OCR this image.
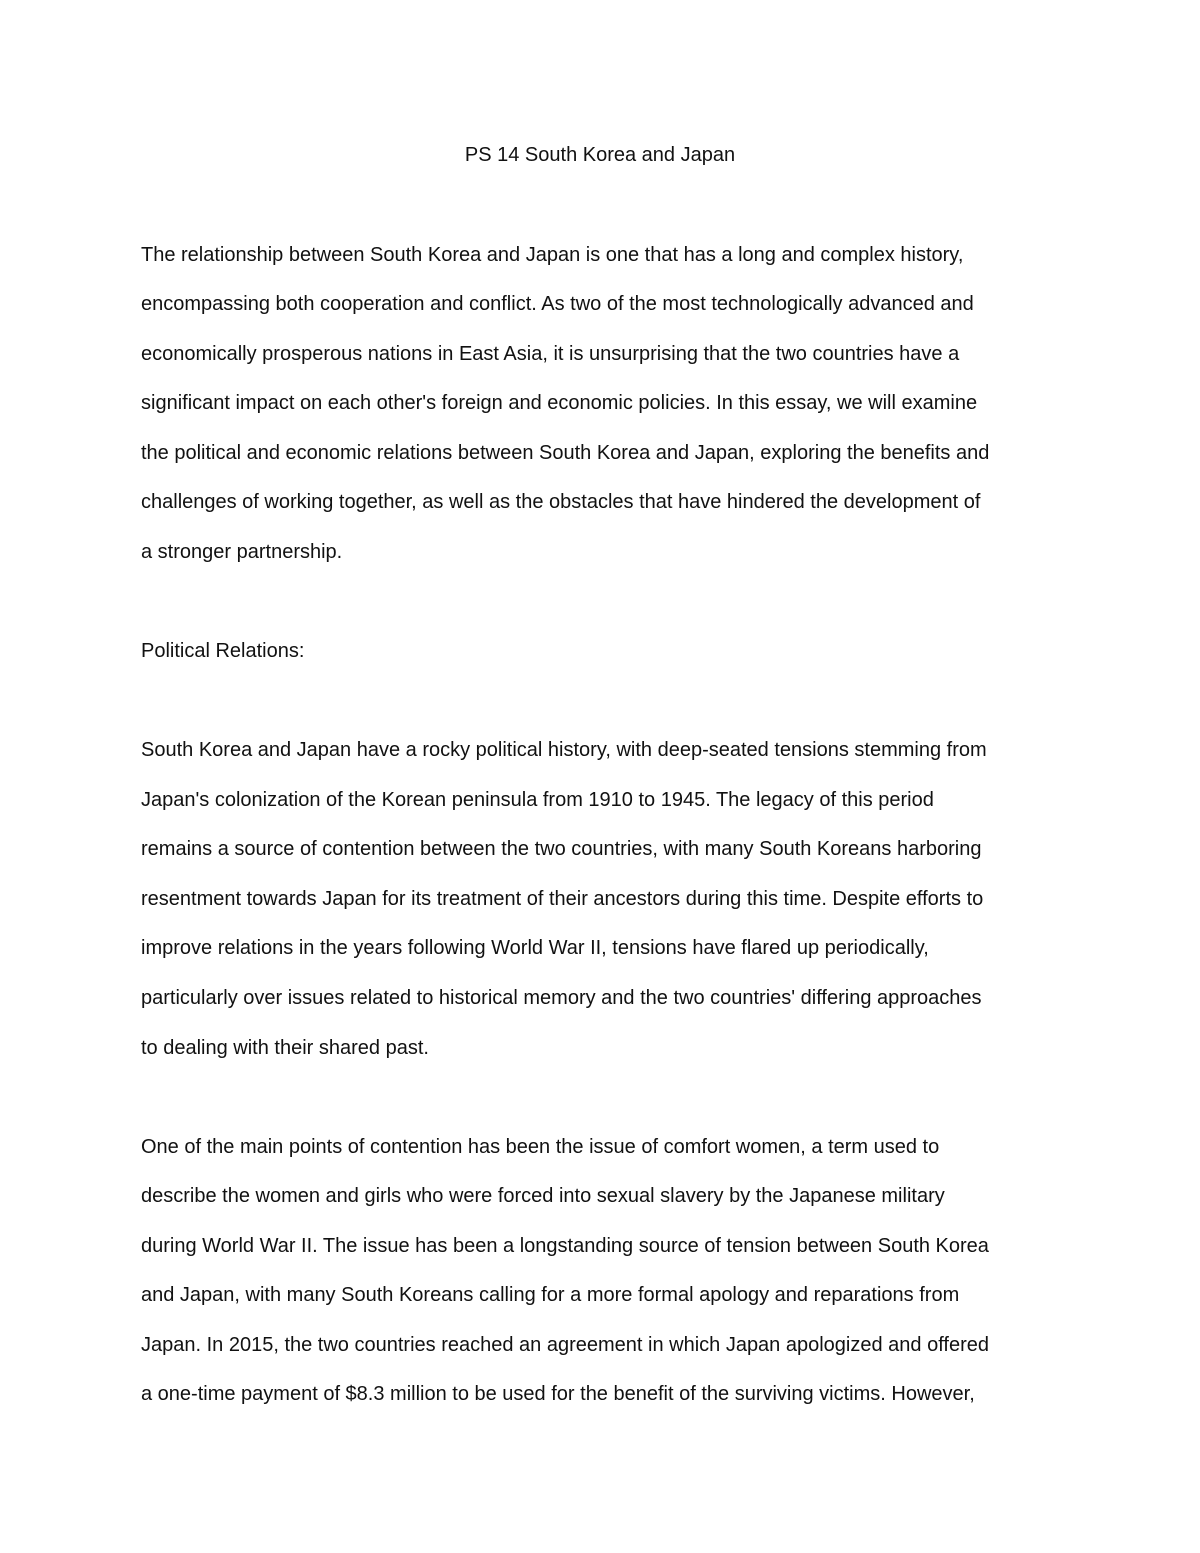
PS 14 South Korea and Japan
The relationship between South Korea and Japan is one that has a long and complex history,
encompassing both cooperation and conflict. As two of the most technologically advanced and
economically prosperous nations in East Asia, it is unsurprising that the two countries have a
significant impact on each other's foreign and economic policies. In this essay, we will examine
the political and economic relations between South Korea and Japan, exploring the benefits and
challenges of working together, as well as the obstacles that have hindered the development of
a stronger partnership.
Political Relations:
South Korea and Japan have a rocky political history, with deep-seated tensions stemming from
Japan's colonization of the Korean peninsula from 1910 to 1945. The legacy of this period
remains a source of contention between the two countries, with many South Koreans harboring
resentment towards Japan for its treatment of their ancestors during this time. Despite efforts to
improve relations in the years following World War II, tensions have flared up periodically,
particularly over issues related to historical memory and the two countries' differing approaches
to dealing with their shared past.
One of the main points of contention has been the issue of comfort women, a term used to
describe the women and girls who were forced into sexual slavery by the Japanese military
during World War II. The issue has been a longstanding source of tension between South Korea
and Japan, with many South Koreans calling for a more formal apology and reparations from
Japan. In 2015, the two countries reached an agreement in which Japan apologized and offered
a one-time payment of $8.3 million to be used for the benefit of the surviving victims. However,
